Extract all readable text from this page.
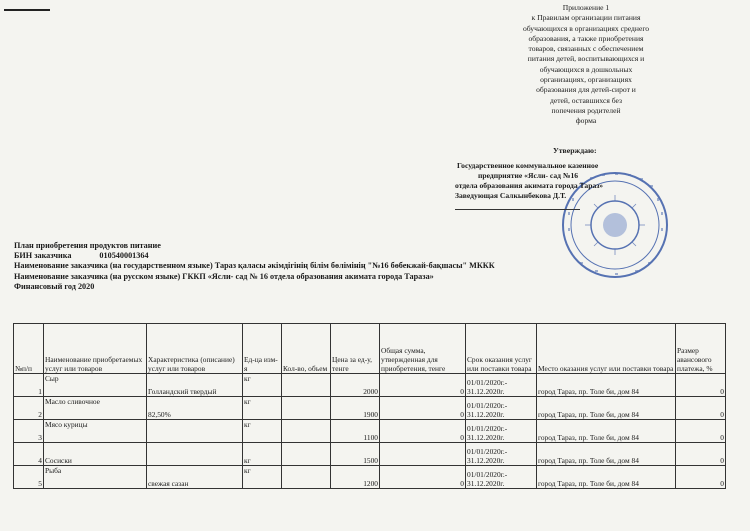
Приложение 1
к Правилам организации питания
обучающихся в организациях среднего
образования, а также приобретения
товаров, связанных с обеспечением
питания детей, воспитывающихся и
обучающихся в дошкольных
организациях, организациях
образования для детей-сирот и
детей, оставшихся без
попечения родителей
форма
Утверждаю:
Государственное коммунальное казенное
предприятие «Ясли- сад №16
отдела образования акимата города Тараз»
Заведующая Салкынбекова Д.Т.
План приобретения продуктов питание
БИН заказчика	010540001364
Наименование заказчика (на государственном языке) Тараз қаласы әкімдігінің білім бөлімінің "№16 бөбекжай-бақшасы" МККК
Наименование заказчика (на русском языке) ГККП «Ясли- сад № 16 отдела образования акимата города Тараза»
Финансовый год 2020
№п/п	Наименование приобретаемых услуг или товаров	Характеристика (описание) услуг или товаров	Ед-ца изм-я	Кол-во, объем	Цена за ед-у, тенге	Общая сумма, утвержденная для приобретения, тенге	Срок оказания услуг или поставки товара	Место оказания услуг или поставки товара	Размер авансового платежа, %
1	Сыр	Голландский твердый	кг		2000	0	01/01/2020г.- 31.12.2020г.	город Тараз, пр. Толе би, дом 84	0
2	Масло сливочное	82,50%	кг		1900	0	01/01/2020г.- 31.12.2020г.	город Тараз, пр. Толе би, дом 84	0
3	Мясо курицы		кг		1100	0	01/01/2020г.- 31.12.2020г.	город Тараз, пр. Толе би, дом 84	0
4	Сосиски		кг		1500		01/01/2020г.- 31.12.2020г.	город Тараз, пр. Толе би, дом 84	0
5	Рыба	свежая сазан	кг		1200	0	01/01/2020г.- 31.12.2020г.	город Тараз, пр. Толе би, дом 84	0
